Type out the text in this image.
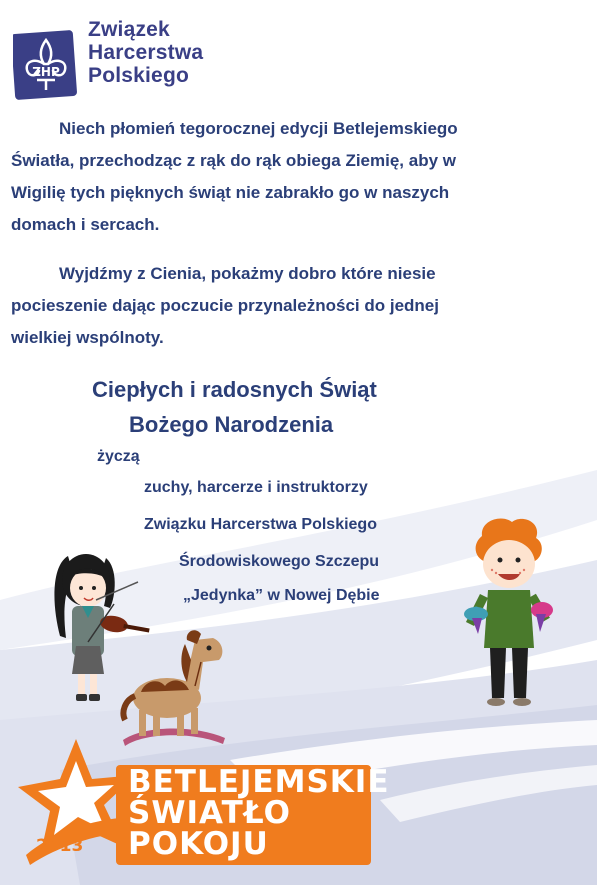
ZHP
Związek
Harcerstwa
Polskiego
Niech płomień tegorocznej edycji Betlejemskiego
Światła, przechodząc z rąk do rąk obiega Ziemię, aby w
Wigilię tych pięknych świąt nie zabrakło go w naszych
domach i sercach.
Wyjdźmy z Cienia, pokażmy dobro które niesie
pocieszenie dając poczucie przynależności do jednej
wielkiej wspólnoty.
Ciepłych i radosnych Świąt
Bożego Narodzenia
życzą
zuchy, harcerze i instruktorzy
Związku Harcerstwa Polskiego
Środowiskowego Szczepu
„Jedynka” w Nowej Dębie
BETLEJEMSKIE
ŚWIATŁO
POKOJU
2013
